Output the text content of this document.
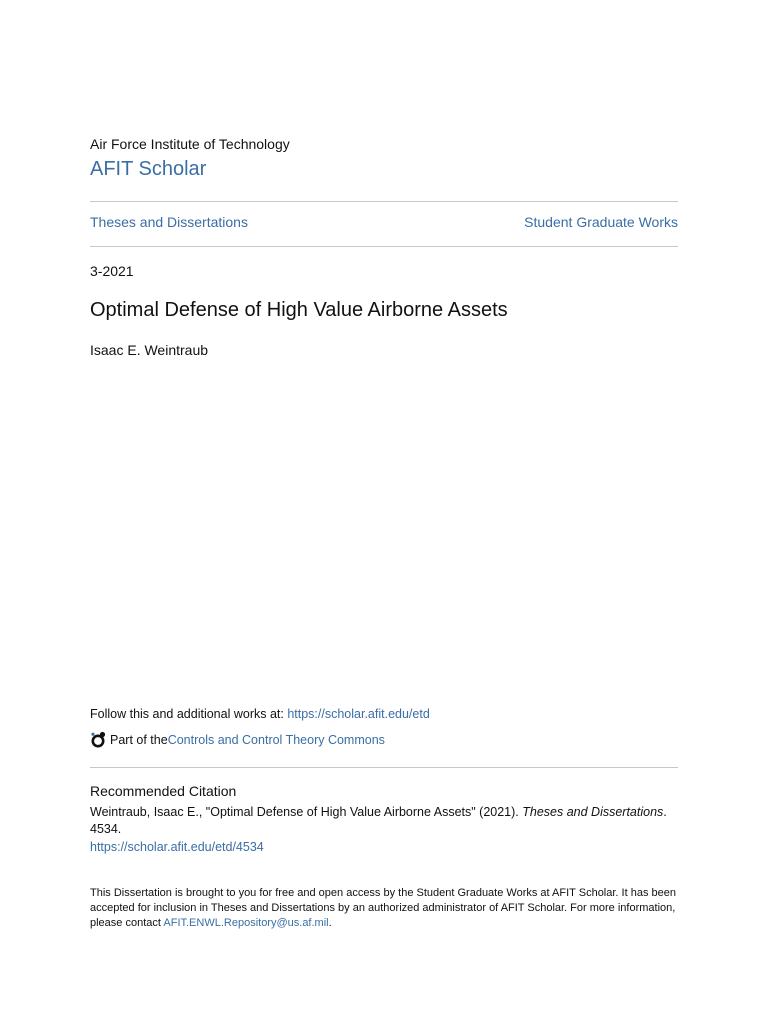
Air Force Institute of Technology
AFIT Scholar
Theses and Dissertations	Student Graduate Works
3-2021
Optimal Defense of High Value Airborne Assets
Isaac E. Weintraub
Follow this and additional works at: https://scholar.afit.edu/etd
Part of the Controls and Control Theory Commons
Recommended Citation
Weintraub, Isaac E., "Optimal Defense of High Value Airborne Assets" (2021). Theses and Dissertations. 4534.
https://scholar.afit.edu/etd/4534
This Dissertation is brought to you for free and open access by the Student Graduate Works at AFIT Scholar. It has been accepted for inclusion in Theses and Dissertations by an authorized administrator of AFIT Scholar. For more information, please contact AFIT.ENWL.Repository@us.af.mil.
